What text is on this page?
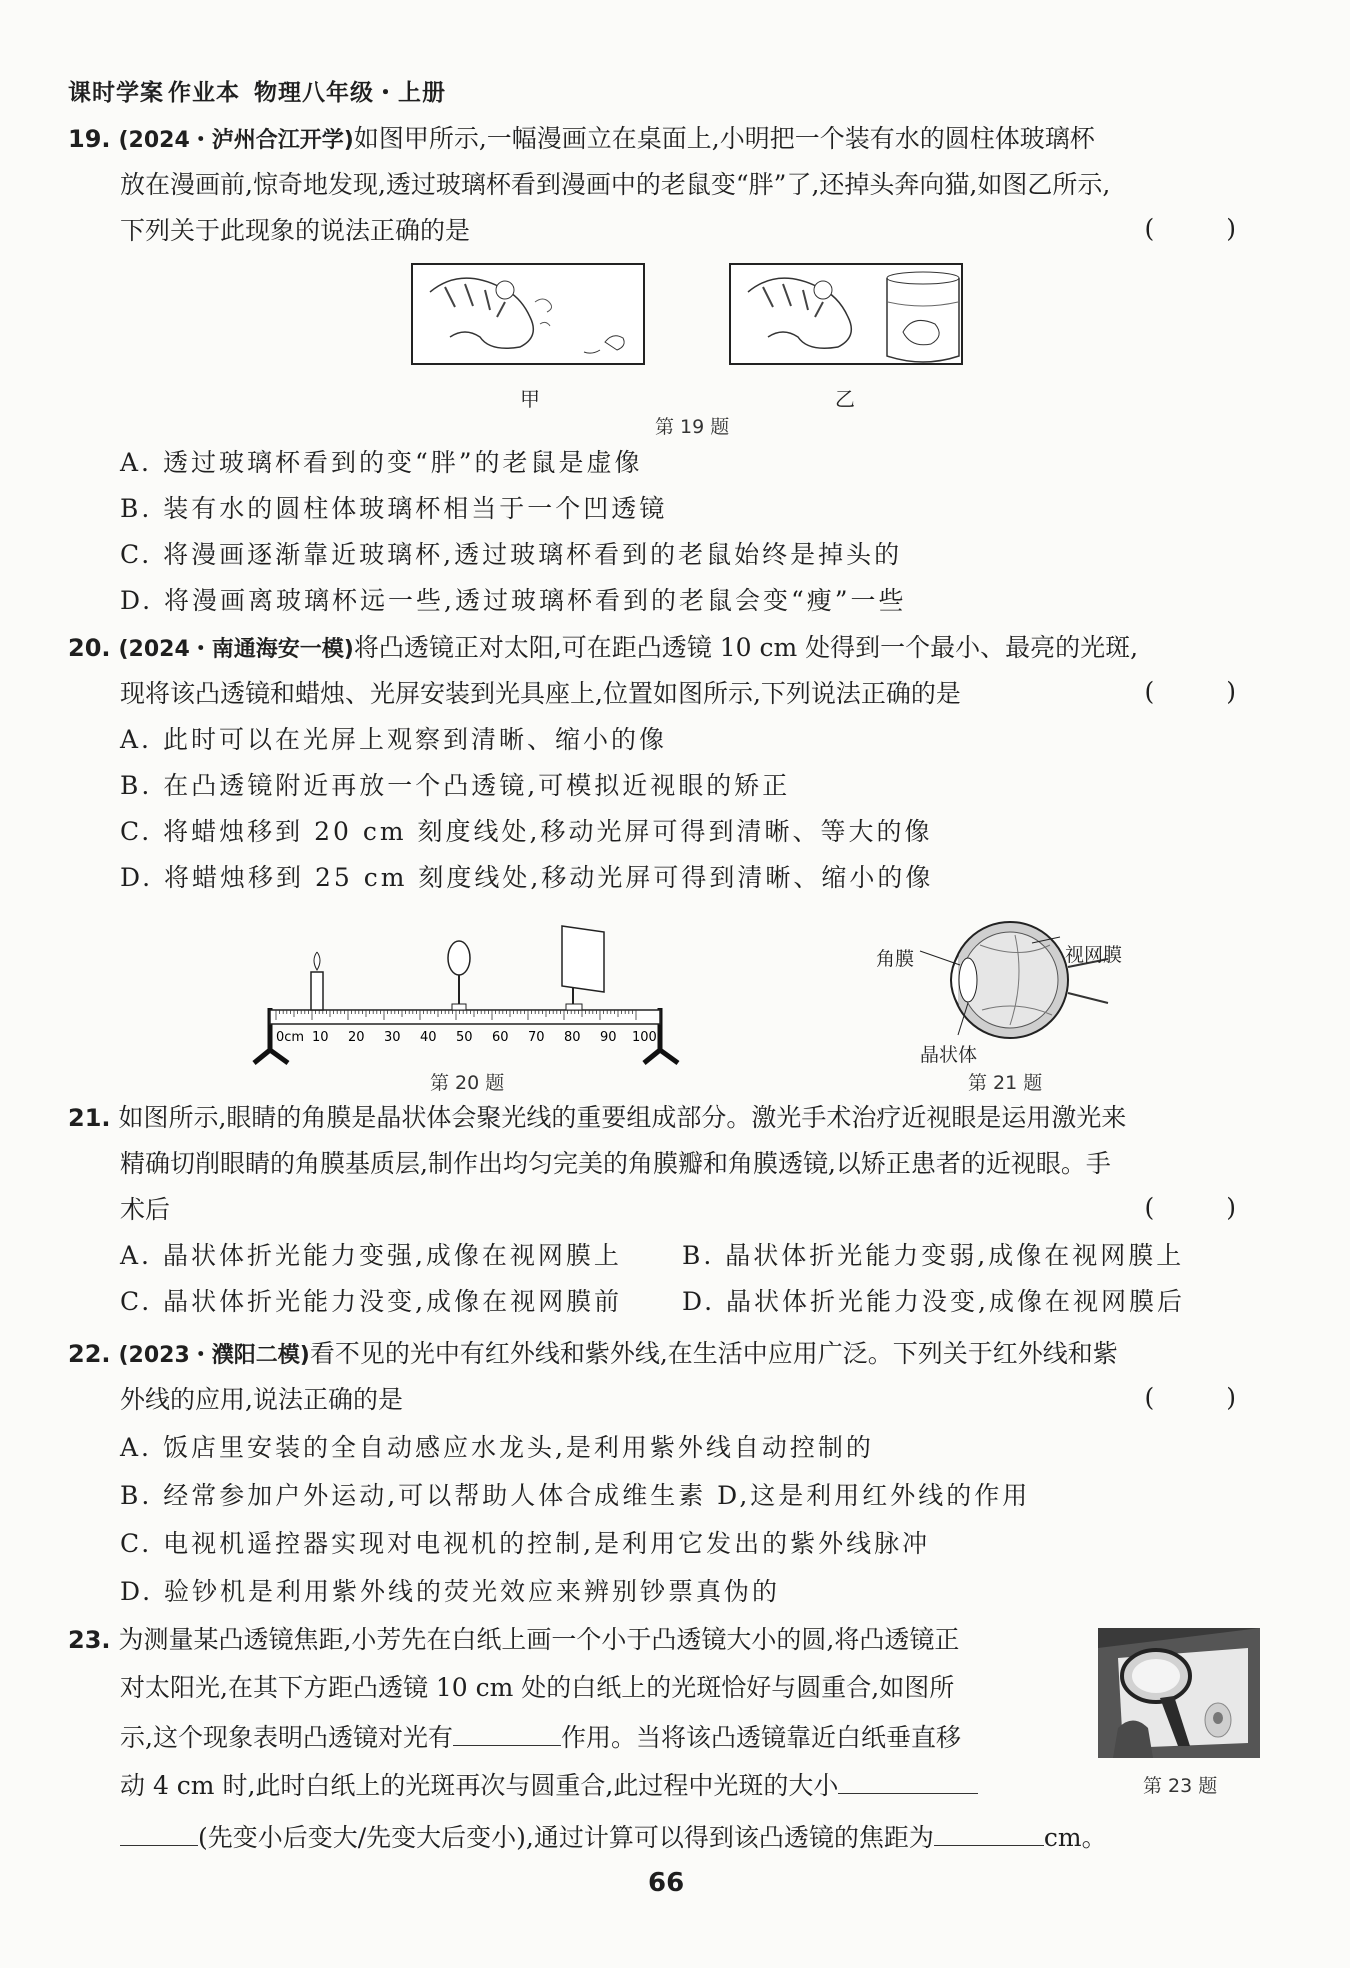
课时学案 作业本 物理八年级・上册
19. (2024・泸州合江开学)如图甲所示,一幅漫画立在桌面上,小明把一个装有水的圆柱体玻璃杯
放在漫画前,惊奇地发现,透过玻璃杯看到漫画中的老鼠变“胖”了,还掉头奔向猫,如图乙所示,
下列关于此现象的说法正确的是	( )
甲	乙
第 19 题
A. 透过玻璃杯看到的变“胖”的老鼠是虚像
B. 装有水的圆柱体玻璃杯相当于一个凹透镜
C. 将漫画逐渐靠近玻璃杯,透过玻璃杯看到的老鼠始终是掉头的
D. 将漫画离玻璃杯远一些,透过玻璃杯看到的老鼠会变“瘦”一些
20. (2024・南通海安一模)将凸透镜正对太阳,可在距凸透镜 10 cm 处得到一个最小、最亮的光斑,
现将该凸透镜和蜡烛、光屏安装到光具座上,位置如图所示,下列说法正确的是	( )
A. 此时可以在光屏上观察到清晰、缩小的像
B. 在凸透镜附近再放一个凸透镜,可模拟近视眼的矫正
C. 将蜡烛移到 20 cm 刻度线处,移动光屏可得到清晰、等大的像
D. 将蜡烛移到 25 cm 刻度线处,移动光屏可得到清晰、缩小的像
0cm 10 20 30 40 50 60 70 80 90 100
第 20 题
角膜	视网膜
晶状体
第 21 题
21. 如图所示,眼睛的角膜是晶状体会聚光线的重要组成部分。激光手术治疗近视眼是运用激光来
精确切削眼睛的角膜基质层,制作出均匀完美的角膜瓣和角膜透镜,以矫正患者的近视眼。手
术后	( )
A. 晶状体折光能力变强,成像在视网膜上 B. 晶状体折光能力变弱,成像在视网膜上
C. 晶状体折光能力没变,成像在视网膜前 D. 晶状体折光能力没变,成像在视网膜后
22. (2023・濮阳二模)看不见的光中有红外线和紫外线,在生活中应用广泛。下列关于红外线和紫
外线的应用,说法正确的是	( )
A. 饭店里安装的全自动感应水龙头,是利用紫外线自动控制的
B. 经常参加户外运动,可以帮助人体合成维生素 D,这是利用红外线的作用
C. 电视机遥控器实现对电视机的控制,是利用它发出的紫外线脉冲
D. 验钞机是利用紫外线的荧光效应来辨别钞票真伪的
23. 为测量某凸透镜焦距,小芳先在白纸上画一个小于凸透镜大小的圆,将凸透镜正
对太阳光,在其下方距凸透镜 10 cm 处的白纸上的光斑恰好与圆重合,如图所
示,这个现象表明凸透镜对光有	作用。当将该凸透镜靠近白纸垂直移
动 4 cm 时,此时白纸上的光斑再次与圆重合,此过程中光斑的大小
(先变小后变大/先变大后变小),通过计算可以得到该凸透镜的焦距为	cm。
第 23 题
66
